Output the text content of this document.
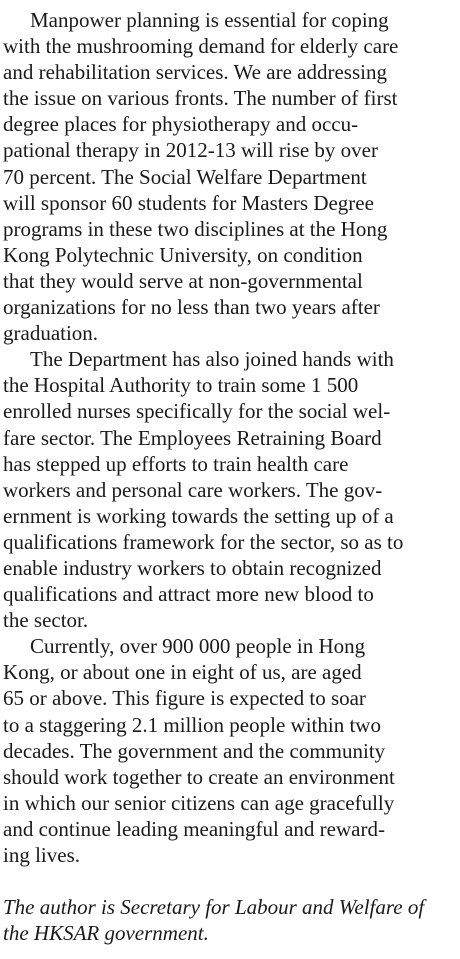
Manpower planning is essential for coping
with the mushrooming demand for elderly care
and rehabilitation services. We are addressing
the issue on various fronts. The number of first
degree places for physiotherapy and occu-
pational therapy in 2012-13 will rise by over
70 percent. The Social Welfare Department
will sponsor 60 students for Masters Degree
programs in these two disciplines at the Hong
Kong Polytechnic University, on condition
that they would serve at non-governmental
organizations for no less than two years after
graduation.
The Department has also joined hands with
the Hospital Authority to train some 1 500
enrolled nurses specifically for the social wel-
fare sector. The Employees Retraining Board
has stepped up efforts to train health care
workers and personal care workers. The gov-
ernment is working towards the setting up of a
qualifications framework for the sector, so as to
enable industry workers to obtain recognized
qualifications and attract more new blood to
the sector.
Currently, over 900 000 people in Hong
Kong, or about one in eight of us, are aged
65 or above. This figure is expected to soar
to a staggering 2.1 million people within two
decades. The government and the community
should work together to create an environment
in which our senior citizens can age gracefully
and continue leading meaningful and reward-
ing lives.
The author is Secretary for Labour and Welfare of
the HKSAR government.
